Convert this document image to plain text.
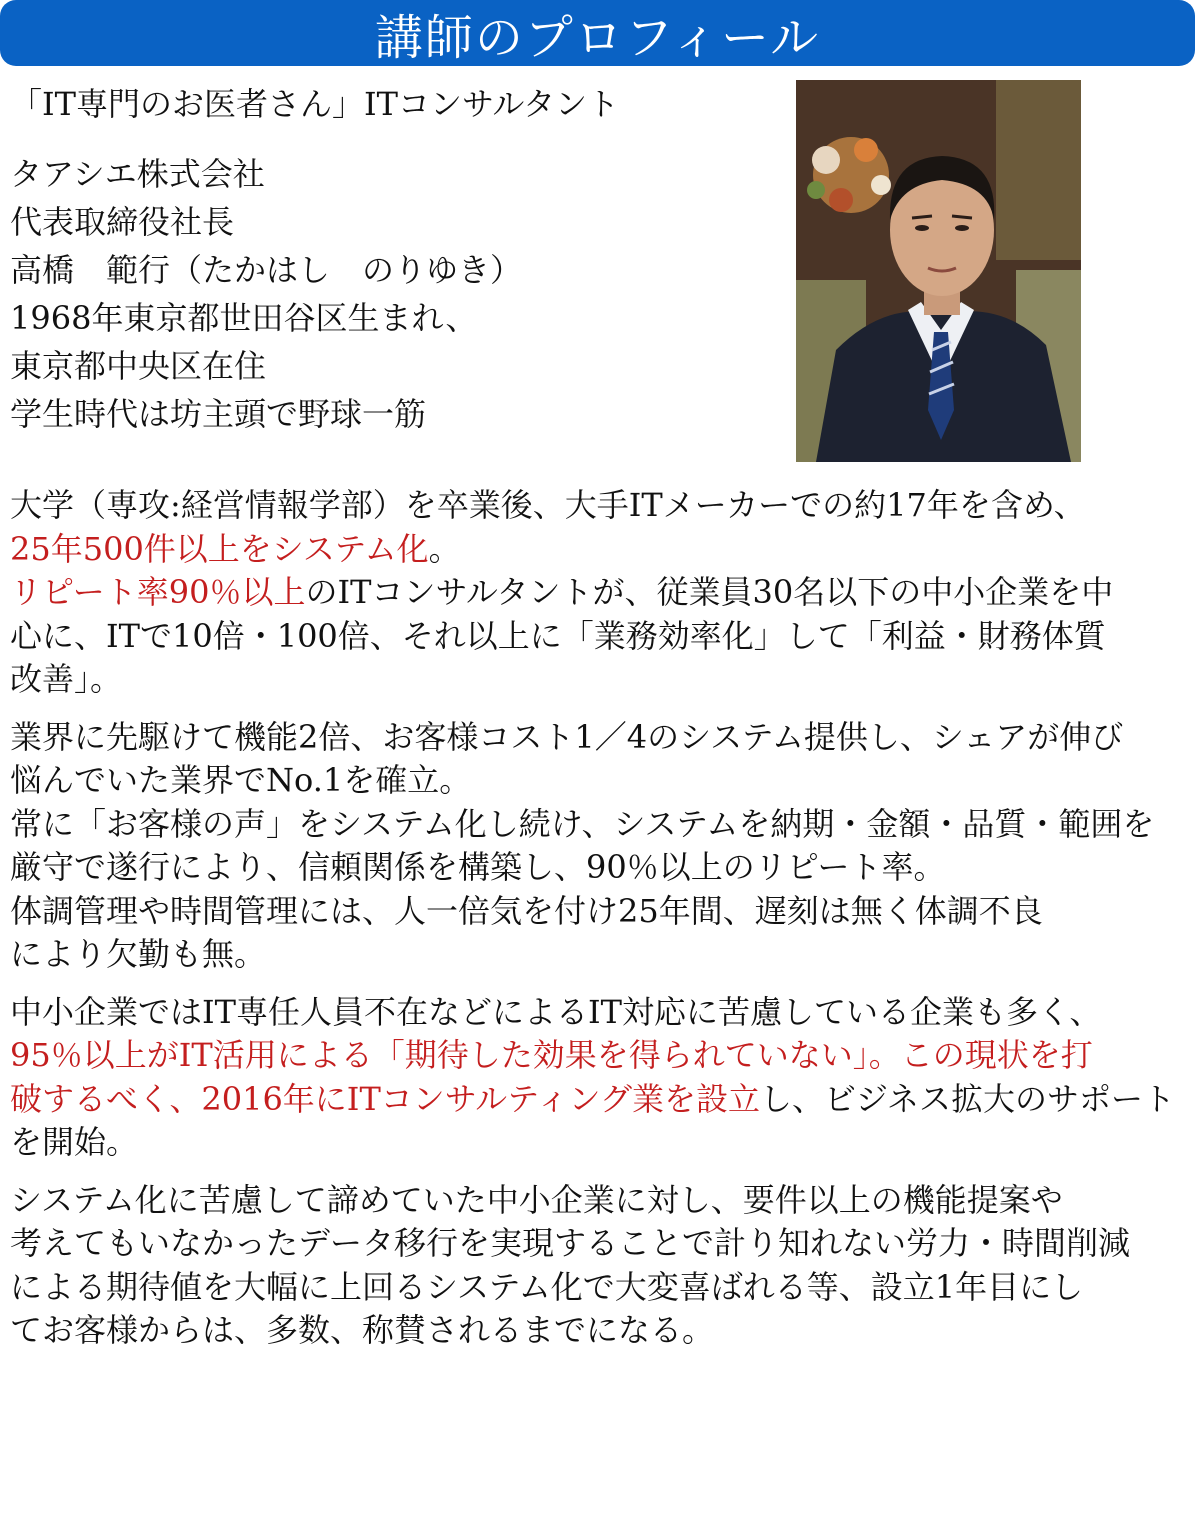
講師のプロフィール

「IT専門のお医者さん」ITコンサルタント

タアシエ株式会社

代表取締役社長

高橋　範行（たかはし　のりゆき）

1968年東京都世田谷区生まれ、

東京都中央区在住

学生時代は坊主頭で野球一筋

大学（専攻:経営情報学部）を卒業後、大手ITメーカーでの約17年を含め、

25年500件以上をシステム化。

リピート率90％以上のITコンサルタントが、従業員30名以下の中小企業を中

心に、ITで10倍・100倍、それ以上に「業務効率化」して「利益・財務体質

改善」。

業界に先駆けて機能2倍、お客様コスト1／4のシステム提供し、シェアが伸び

悩んでいた業界でNo.1を確立。

常に「お客様の声」をシステム化し続け、システムを納期・金額・品質・範囲を

厳守で遂行により、信頼関係を構築し、90％以上のリピート率。

体調管理や時間管理には、人一倍気を付け25年間、遅刻は無く体調不良

により欠勤も無。

中小企業ではIT専任人員不在などによるIT対応に苦慮している企業も多く、

95％以上がIT活用による「期待した効果を得られていない」。この現状を打

破するべく、2016年にITコンサルティング業を設立し、ビジネス拡大のサポート

を開始。

システム化に苦慮して諦めていた中小企業に対し、要件以上の機能提案や

考えてもいなかったデータ移行を実現することで計り知れない労力・時間削減

による期待値を大幅に上回るシステム化で大変喜ばれる等、設立1年目にし

てお客様からは、多数、称賛されるまでになる。
